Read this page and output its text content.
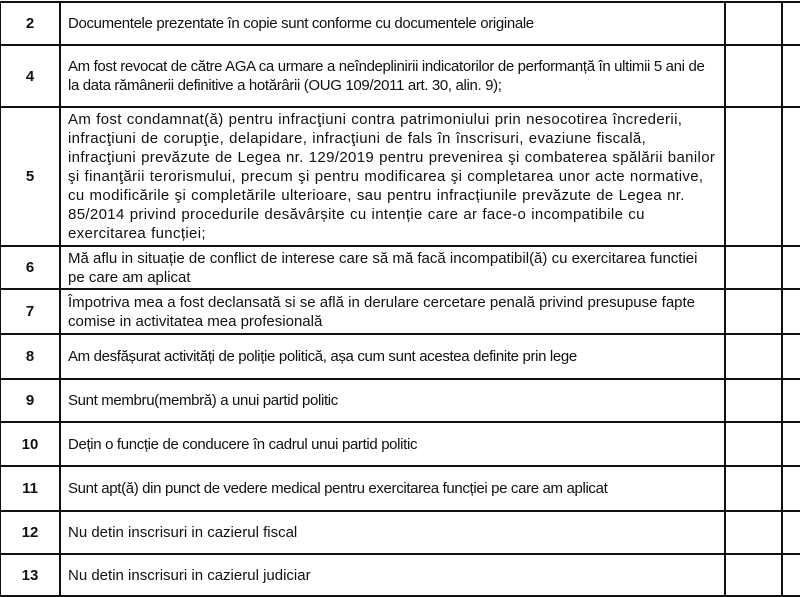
2	Documentele prezentate în copie sunt conforme cu documentele originale		
4	Am fost revocat de către AGA ca urmare a neîndeplinirii indicatorilor de performanță în ultimii 5 ani de la data rămânerii definitive a hotărârii (OUG 109/2011 art. 30, alin. 9);		
5	Am fost condamnat(ă) pentru infracţiuni contra patrimoniului prin nesocotirea încrederii, infracţiuni de corupţie, delapidare, infracţiuni de fals în înscrisuri, evaziune fiscală, infracţiuni prevăzute de Legea nr. 129/2019 pentru prevenirea şi combaterea spălării banilor şi finanţării terorismului, precum şi pentru modificarea şi completarea unor acte normative, cu modificările şi completările ulterioare, sau pentru infracțiunile prevăzute de Legea nr. 85/2014 privind procedurile desăvârșite cu intenție care ar face-o incompatibile cu exercitarea funcției;		
6	Mă aflu in situație de conflict de interese care să mă facă incompatibil(ă) cu exercitarea functiei pe care am aplicat		
7	Împotriva mea a fost declansată si se află in derulare cercetare penală privind presupuse fapte comise in activitatea mea profesională		
8	Am desfășurat activități de poliție politică, așa cum sunt acestea definite prin lege		
9	Sunt membru(membră) a unui partid politic		
10	Dețin o funcție de conducere în cadrul unui partid politic		
11	Sunt apt(ă) din punct de vedere medical pentru exercitarea funcției pe care am aplicat		
12	Nu detin inscrisuri in cazierul fiscal		
13	Nu detin inscrisuri in cazierul judiciar		
